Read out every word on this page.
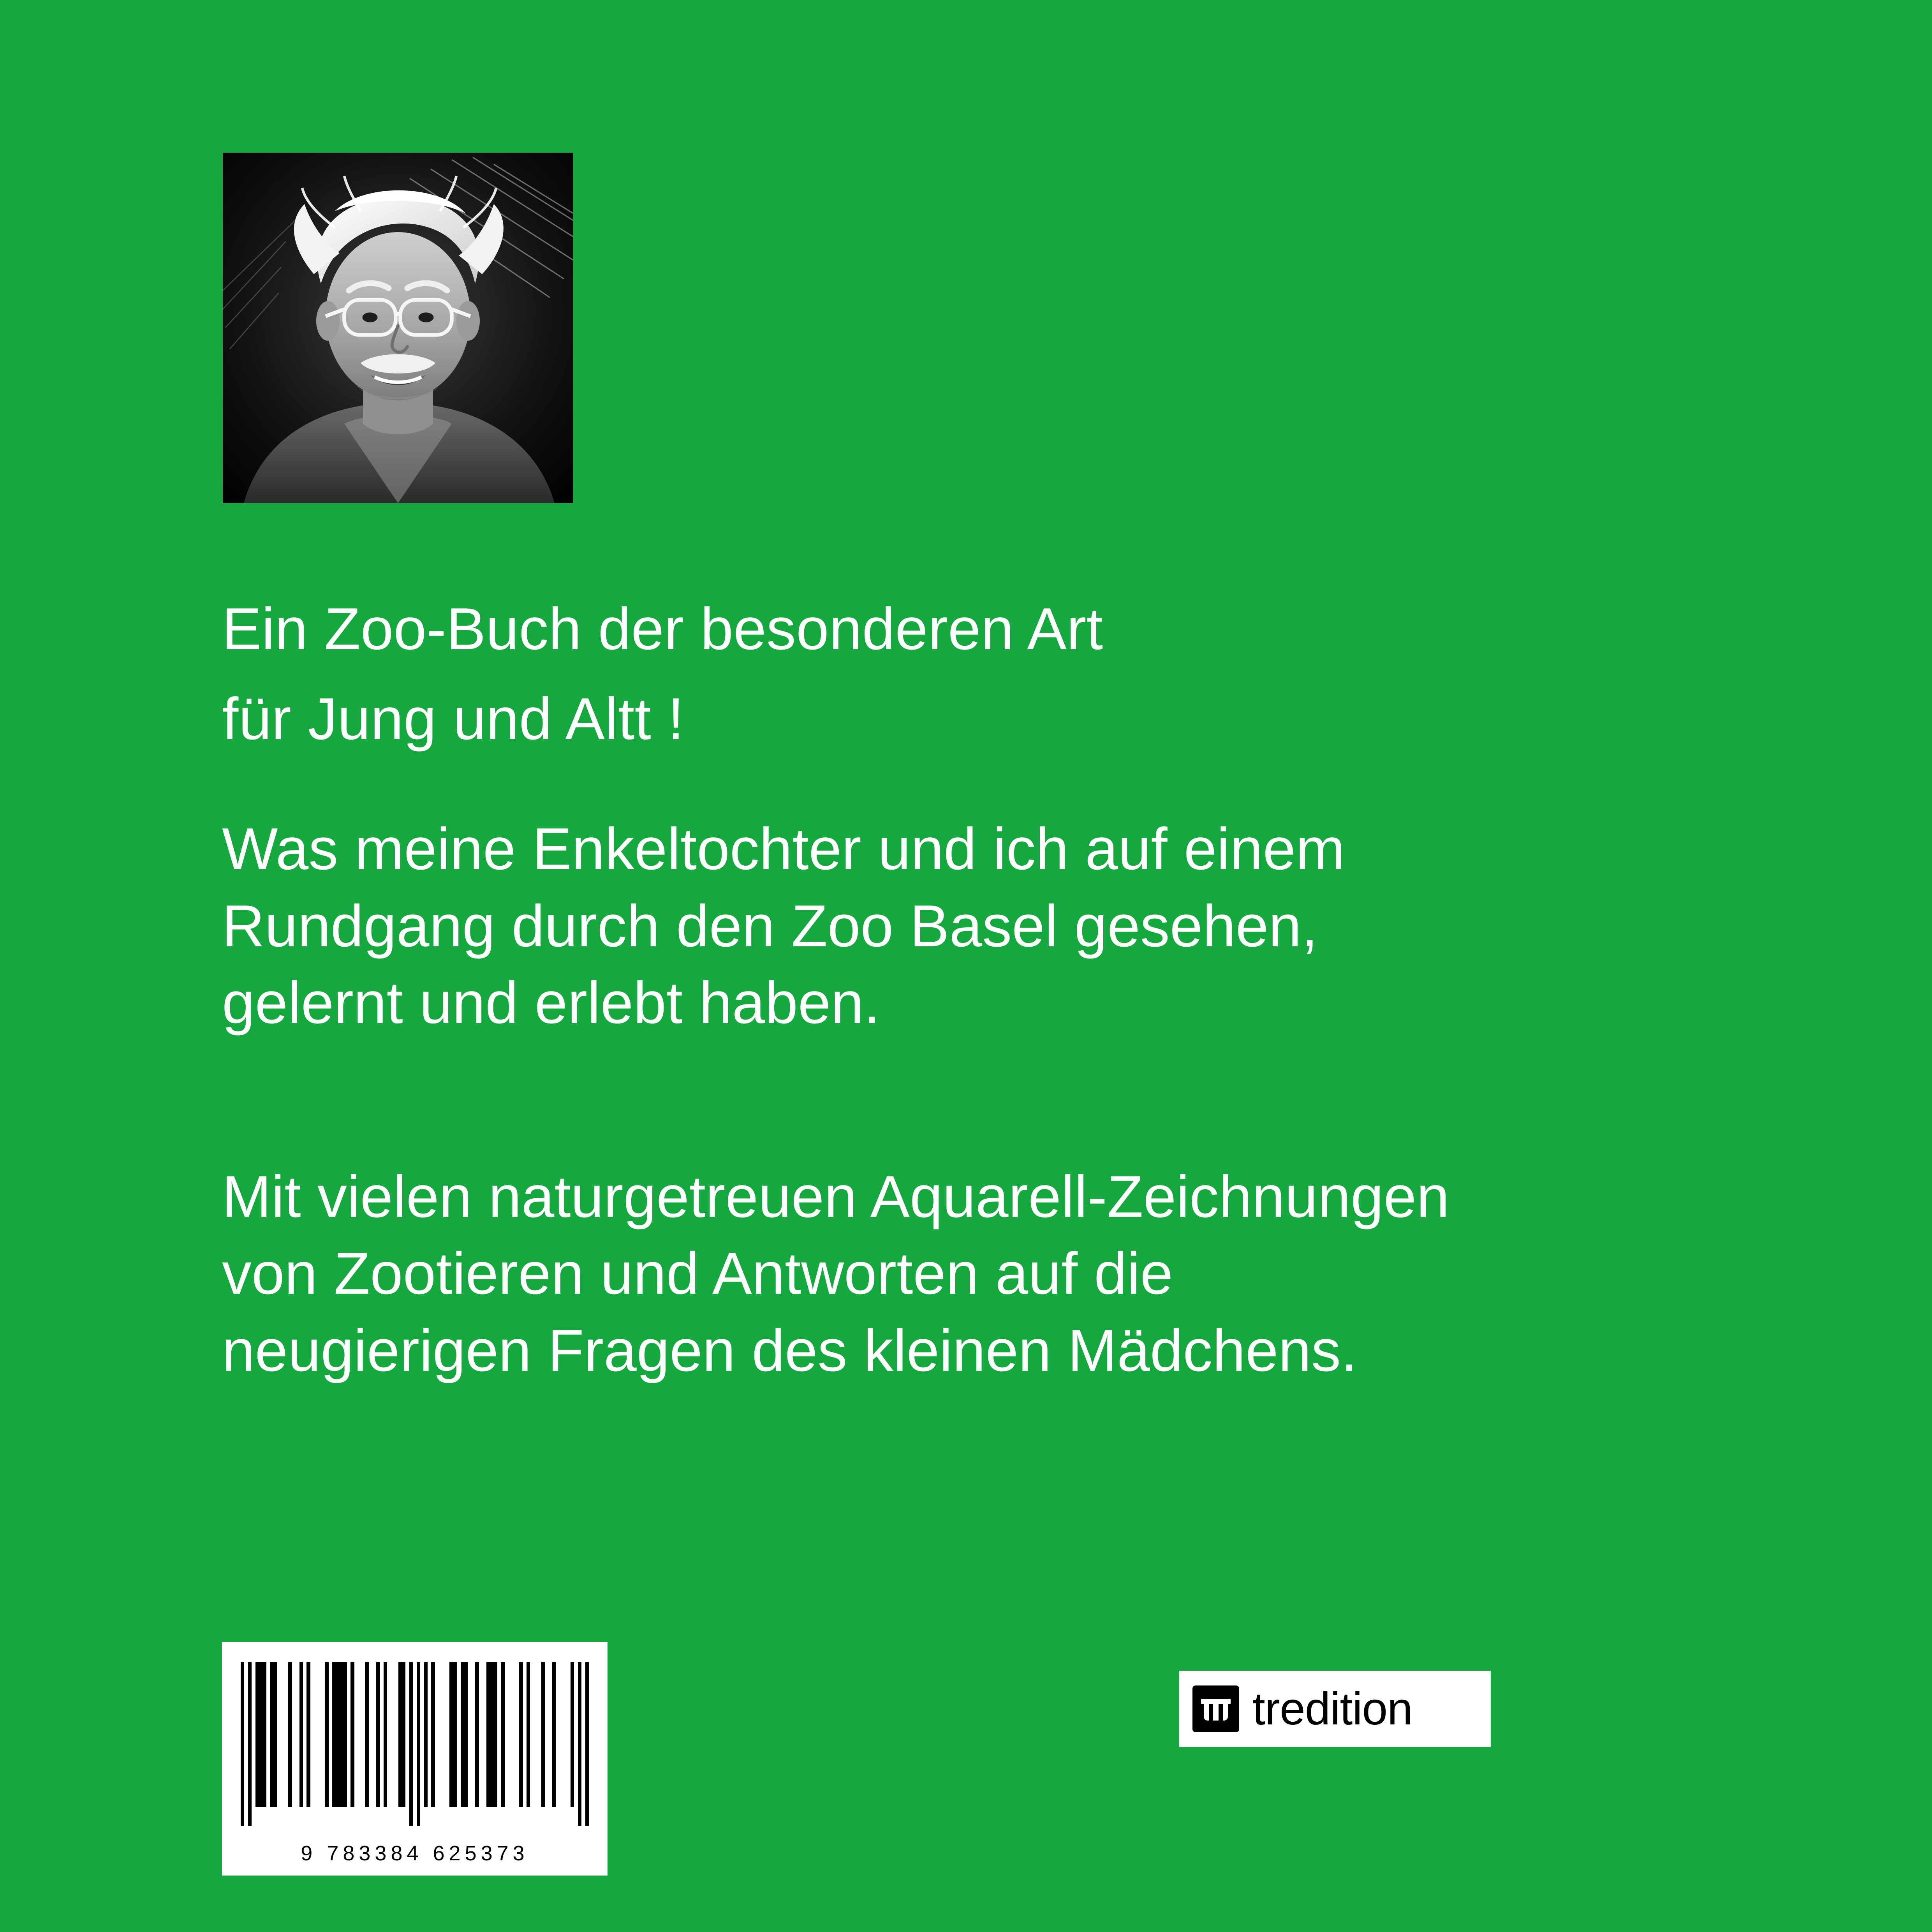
Ein Zoo-Buch der besonderen Art
für Jung und Altt !
Was meine Enkeltochter und ich auf einem
Rundgang durch den Zoo Basel gesehen,
gelernt und erlebt haben.
Mit vielen naturgetreuen Aquarell-Zeichnungen
von Zootieren und Antworten auf die
neugierigen Fragen des kleinen Mädchens.
9 783384 625373
tredition
